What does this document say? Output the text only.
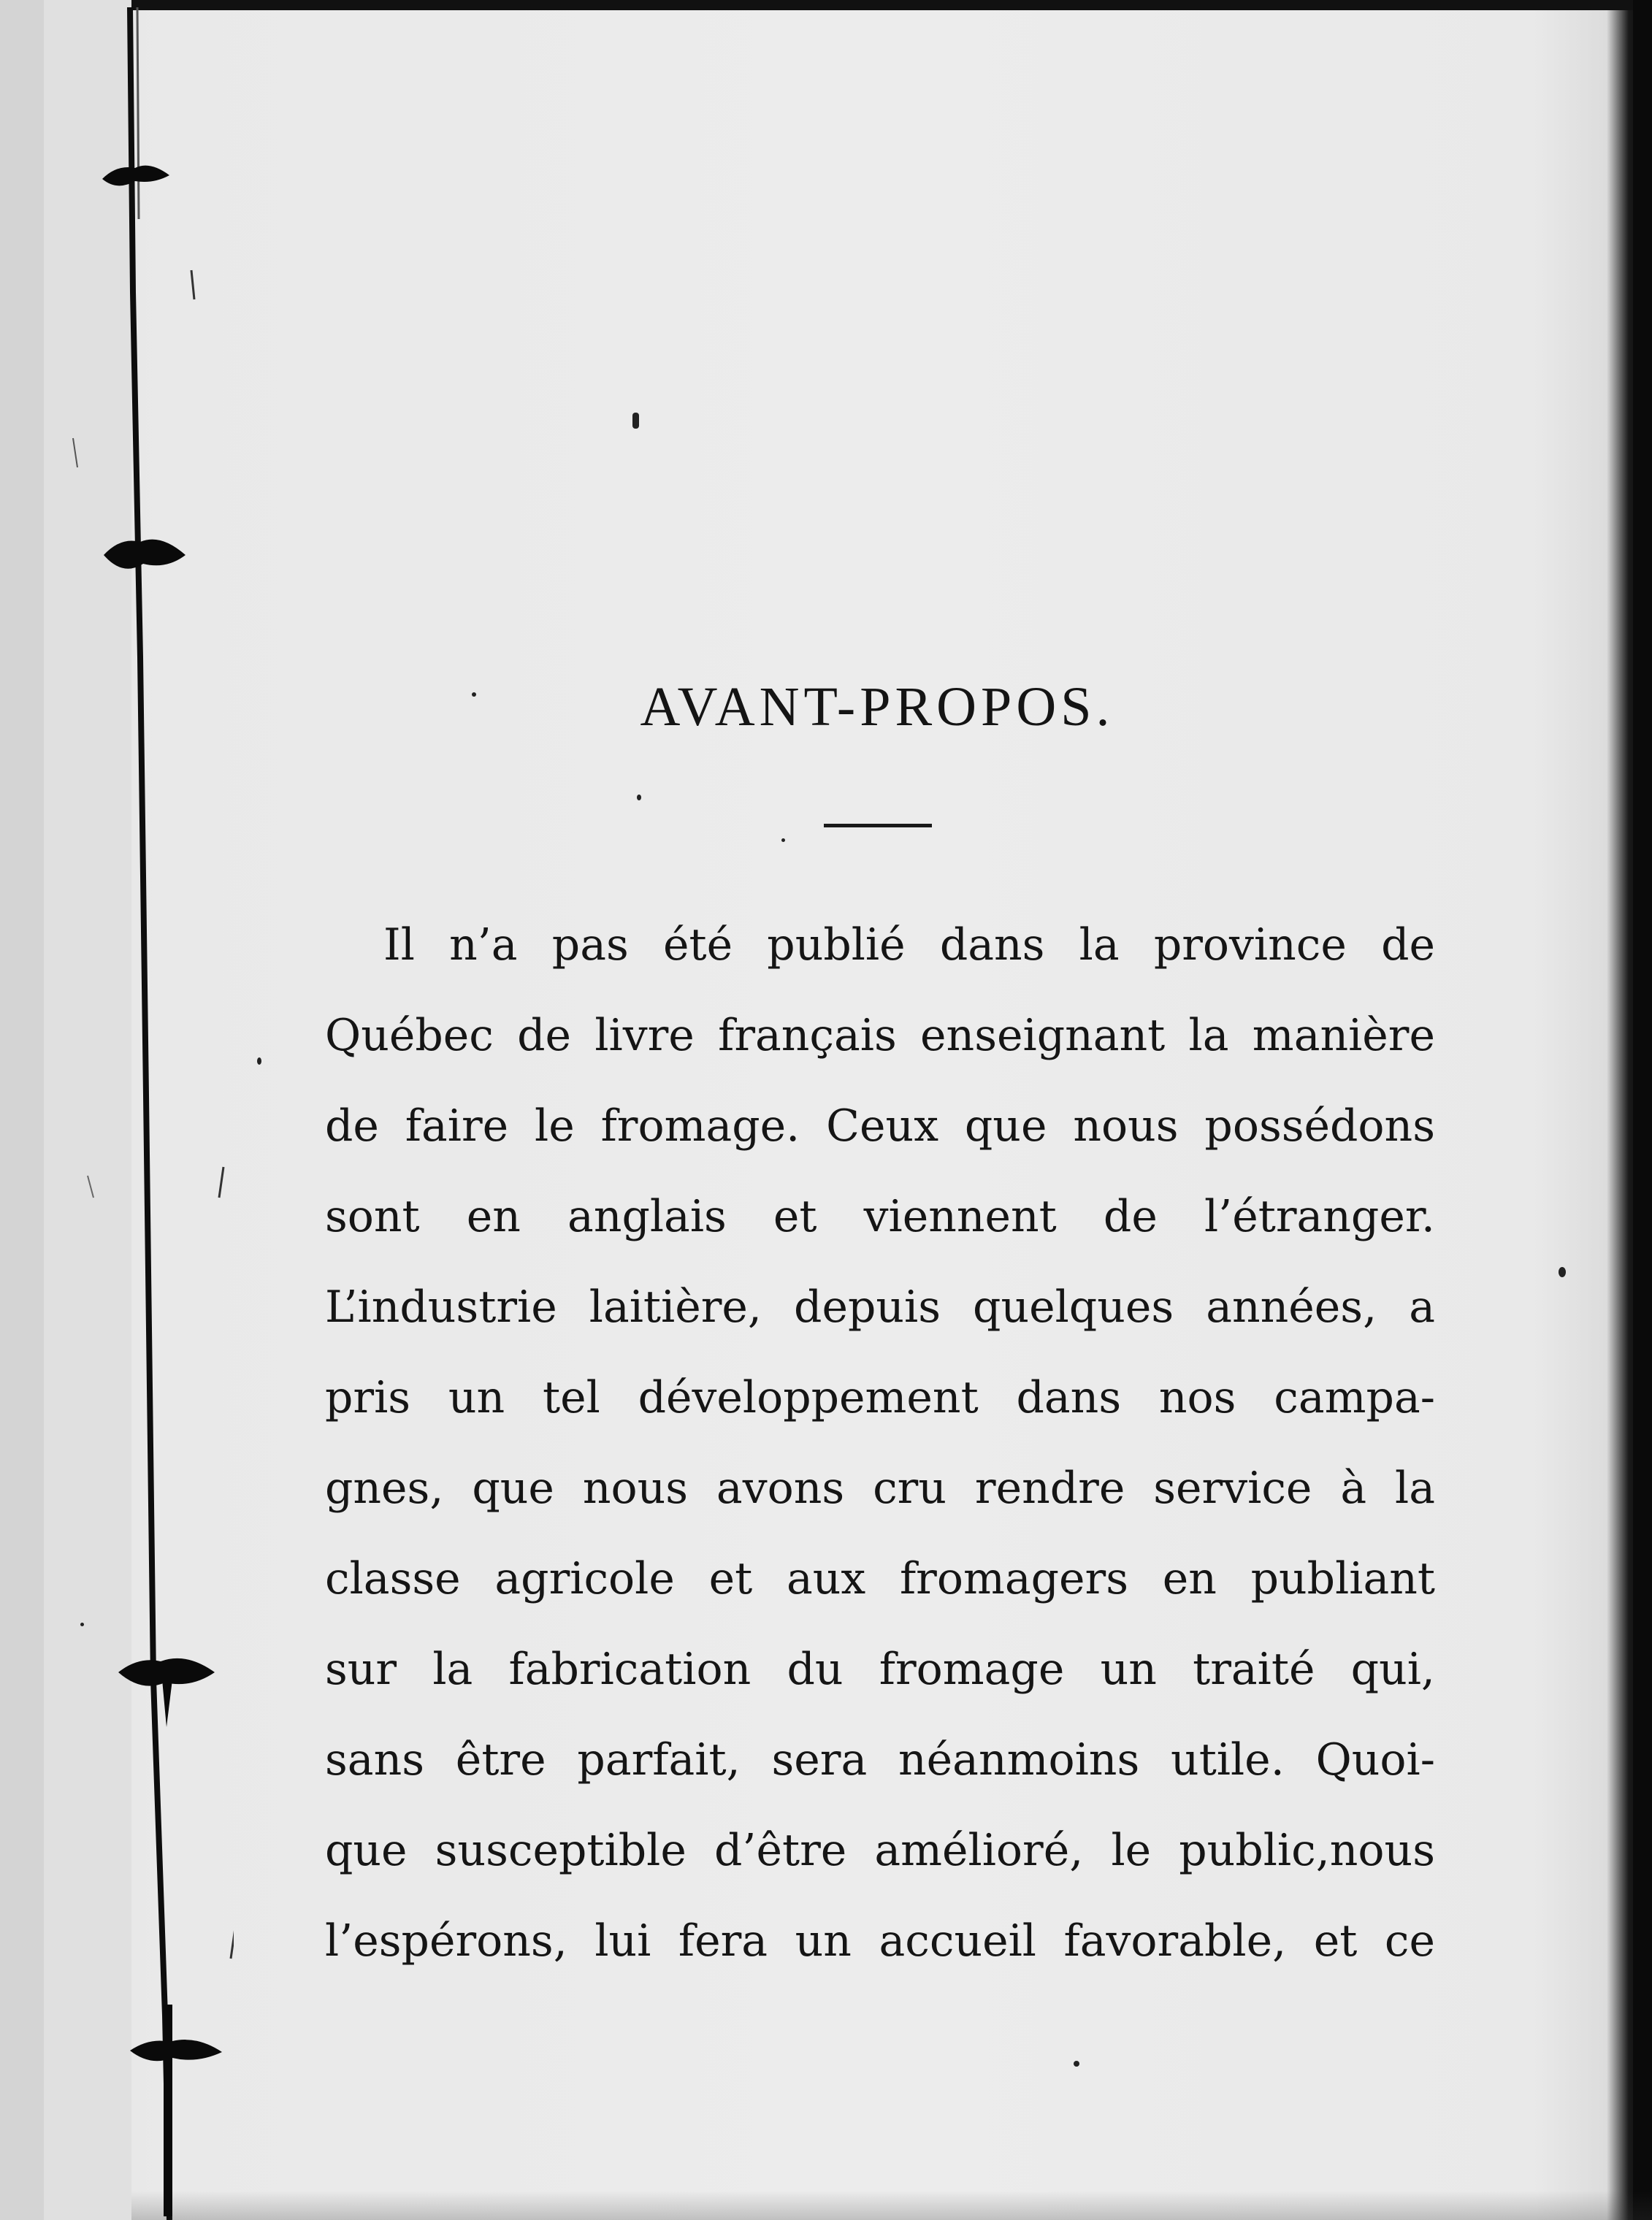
AVANT-PROPOS.
Il n’a pas été publié dans la province de
Québec de livre français enseignant la manière
de faire le fromage. Ceux que nous possédons
sont en anglais et viennent de l’étranger.
L’industrie laitière, depuis quelques années, a
pris un tel développement dans nos campa-
gnes, que nous avons cru rendre service à la
classe agricole et aux fromagers en publiant
sur la fabrication du fromage un traité qui,
sans être parfait, sera néanmoins utile. Quoi-
que susceptible d’être amélioré, le public,nous
l’espérons, lui fera un accueil favorable, et ce
